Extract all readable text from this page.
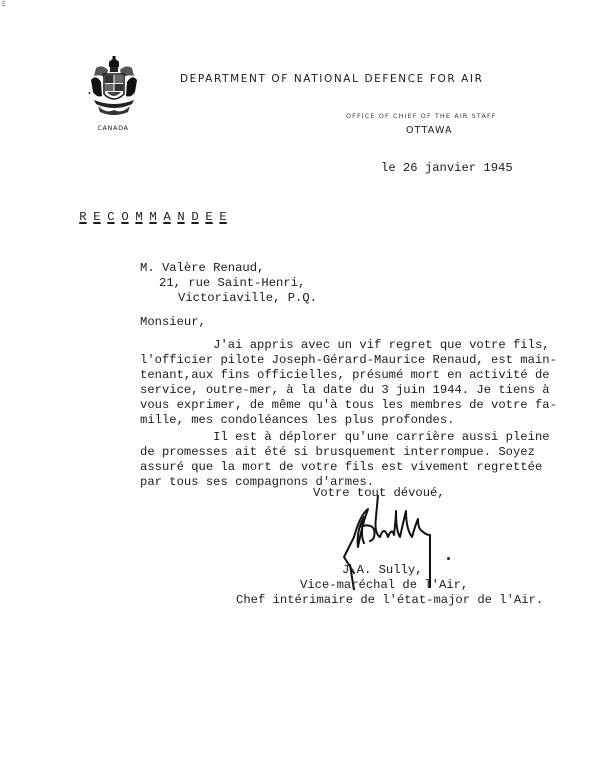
CANADA
DEPARTMENT OF NATIONAL DEFENCE FOR AIR
OFFICE OF CHIEF OF THE AIR STAFF
OTTAWA
le 26 janvier 1945

R E C O M M A N D E E

M. Valère Renaud,
21, rue Saint-Henri,
Victoriaville, P.Q.
Monsieur,
J'ai appris avec un vif regret que votre fils,
l'officier pilote Joseph-Gérard-Maurice Renaud, est main-
tenant,aux fins officielles, présumé mort en activité de
service, outre-mer, à la date du 3 juin 1944. Je tiens à
vous exprimer, de même qu'à tous les membres de votre fa-
mille, mes condoléances les plus profondes.
Il est à déplorer qu'une carrière aussi pleine
de promesses ait été si brusquement interrompue. Soyez
assuré que la mort de votre fils est vivement regrettée
par tous ses compagnons d'armes.
Votre tout dévoué,
J.A. Sully,
Vice-maréchal de l'Air,
Chef intérimaire de l'état-major de l'Air.
